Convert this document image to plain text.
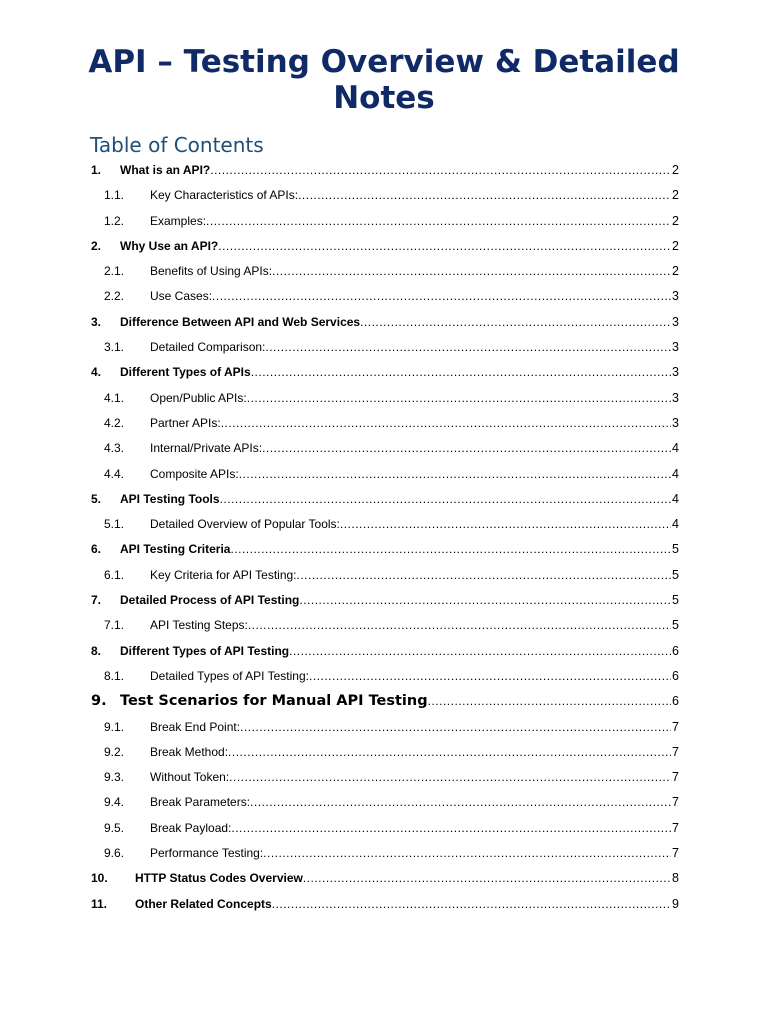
API – Testing Overview & Detailed Notes
Table of Contents
1.	What is an API? .....	2
1.1.	Key Characteristics of APIs: .....	2
1.2.	Examples: .....	2
2.	Why Use an API? .....	2
2.1.	Benefits of Using APIs: .....	2
2.2.	Use Cases: .....	3
3.	Difference Between API and Web Services .....	3
3.1.	Detailed Comparison: .....	3
4.	Different Types of APIs .....	3
4.1.	Open/Public APIs: .....	3
4.2.	Partner APIs: .....	3
4.3.	Internal/Private APIs: .....	4
4.4.	Composite APIs: .....	4
5.	API Testing Tools .....	4
5.1.	Detailed Overview of Popular Tools: .....	4
6.	API Testing Criteria .....	5
6.1.	Key Criteria for API Testing: .....	5
7.	Detailed Process of API Testing .....	5
7.1.	API Testing Steps: .....	5
8.	Different Types of API Testing .....	6
8.1.	Detailed Types of API Testing: .....	6
9. Test Scenarios for Manual API Testing .....	6
9.1.	Break End Point: .....	7
9.2.	Break Method: .....	7
9.3.	Without Token: .....	7
9.4.	Break Parameters: .....	7
9.5.	Break Payload: .....	7
9.6.	Performance Testing: .....	7
10.	HTTP Status Codes Overview .....	8
11.	Other Related Concepts .....	9
